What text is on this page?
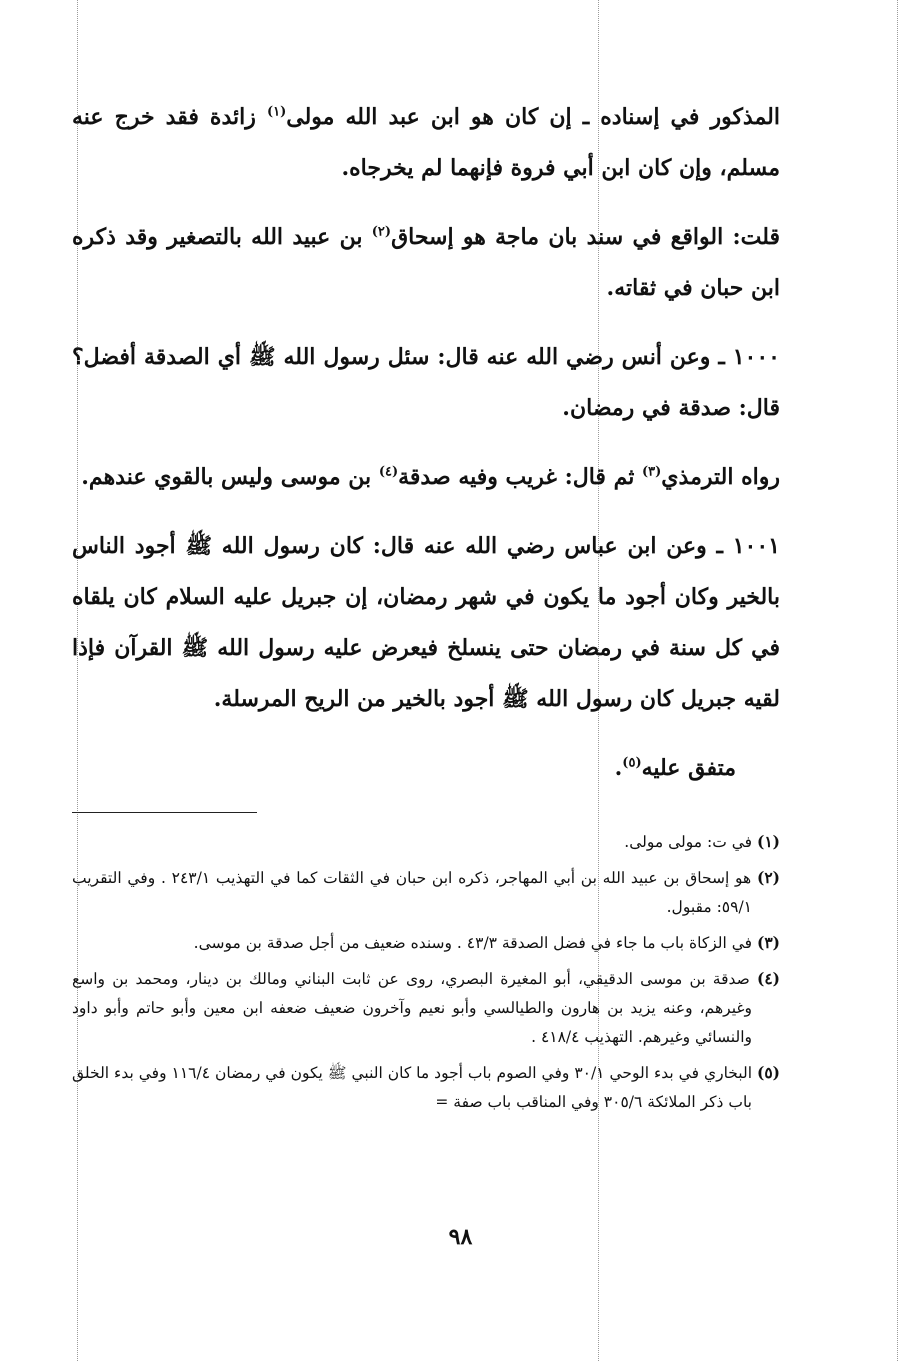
المذكور في إسناده ـ إن كان هو ابن عبد الله مولى$^{(١)}$ زائدة فقد خرج عنه مسلم، وإن كان ابن أبي فروة فإنهما لم يخرجاه.

قلت: الواقع في سند بان ماجة هو إسحاق$^{(٢)}$ بن عبيد الله بالتصغير وقد ذكره ابن حبان في ثقاته.

١٠٠٠ ـ وعن أنس رضي الله عنه قال: سئل رسول الله ﷺ أي الصدقة أفضل؟ قال: صدقة في رمضان.

رواه الترمذي$^{(٣)}$ ثم قال: غريب وفيه صدقة$^{(٤)}$ بن موسى وليس بالقوي عندهم.

١٠٠١ ـ وعن ابن عباس رضي الله عنه قال: كان رسول الله ﷺ أجود الناس بالخير وكان أجود ما يكون في شهر رمضان، إن جبريل عليه السلام كان يلقاه في كل سنة في رمضان حتى ينسلخ فيعرض عليه رسول الله ﷺ القرآن فإذا لقيه جبريل كان رسول الله ﷺ أجود بالخير من الريح المرسلة.

متفق عليه$^{(٥)}$.

(١) في ت: مولى مولى.
(٢) هو إسحاق بن عبيد الله بن أبي المهاجر، ذكره ابن حبان في الثقات كما في التهذيب ٢٤٣/١ . وفي التقريب ٥٩/١: مقبول.
(٣) في الزكاة باب ما جاء في فضل الصدقة ٤٣/٣ . وسنده ضعيف من أجل صدقة بن موسى.
(٤) صدقة بن موسى الدقيقي، أبو المغيرة البصري، روى عن ثابت البناني ومالك بن دينار، ومحمد بن واسع وغيرهم، وعنه يزيد بن هارون والطيالسي وأبو نعيم وآخرون ضعيف ضعفه ابن معين وأبو حاتم وأبو داود والنسائي وغيرهم. التهذيب ٤١٨/٤ .
(٥) البخاري في بدء الوحي ٣٠/١ وفي الصوم باب أجود ما كان النبي ﷺ يكون في رمضان ١١٦/٤ وفي بدء الخلق باب ذكر الملائكة ٣٠٥/٦ وفي المناقب باب صفة =
٩٨
